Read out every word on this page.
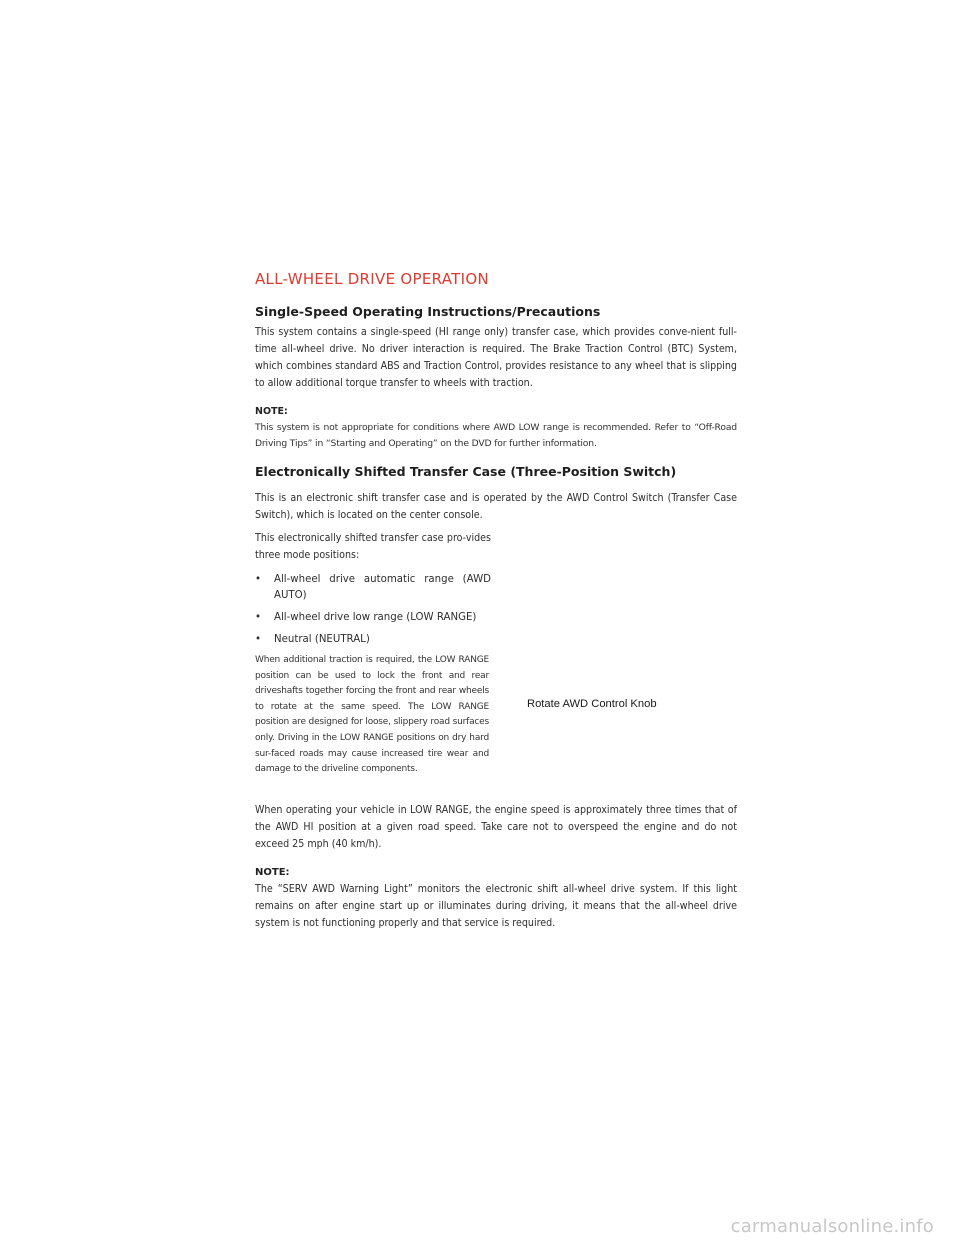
ALL-WHEEL DRIVE OPERATION
Single-Speed Operating Instructions/Precautions

This system contains a single-speed (HI range only) transfer case, which provides conve-nient full-time all-wheel drive. No driver interaction is required. The Brake Traction Control (BTC) System, which combines standard ABS and Traction Control, provides resistance to any wheel that is slipping to allow additional torque transfer to wheels with traction.

NOTE:

This system is not appropriate for conditions where AWD LOW range is recommended. Refer to “Off-Road Driving Tips” in “Starting and Operating” on the DVD for further information.

Electronically Shifted Transfer Case (Three-Position Switch)

This is an electronic shift transfer case and is operated by the AWD Control Switch (Transfer Case Switch), which is located on the center console.

This electronically shifted transfer case pro-vides three mode positions:

• All-wheel drive automatic range (AWD AUTO)
• All-wheel drive low range (LOW RANGE)
• Neutral (NEUTRAL)

When additional traction is required, the LOW RANGE position can be used to lock the front and rear driveshafts together forcing the front and rear wheels to rotate at the same speed. The LOW RANGE position are designed for loose, slippery road surfaces only. Driving in the LOW RANGE positions on dry hard sur-faced roads may cause increased tire wear and damage to the driveline components.

Rotate AWD Control Knob

When operating your vehicle in LOW RANGE, the engine speed is approximately three times that of the AWD HI position at a given road speed. Take care not to overspeed the engine and do not exceed 25 mph (40 km/h).

NOTE:

The “SERV AWD Warning Light” monitors the electronic shift all-wheel drive system. If this light remains on after engine start up or illuminates during driving, it means that the all-wheel drive system is not functioning properly and that service is required.

carmanualsonline.info
